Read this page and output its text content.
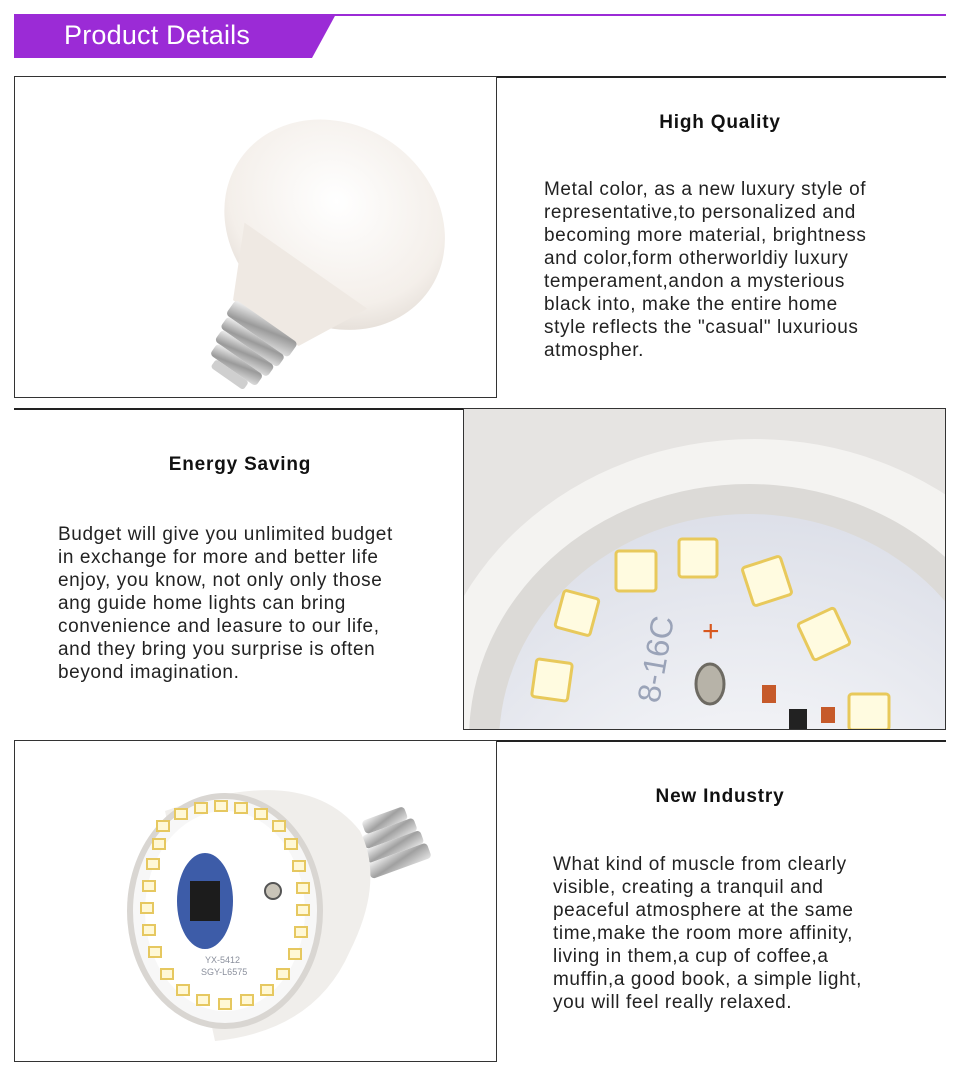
Product Details
High Quality
Metal color, as a new luxury style of
representative,to personalized and
becoming more material, brightness
and color,form otherworldiy luxury
temperament,andon a mysterious
black into, make the entire home
style reflects the "casual" luxurious
atmospher.
Energy Saving
Budget will give you unlimited budget
in exchange for more and better life
enjoy, you know, not only only those
ang guide home lights can bring
convenience and leasure to our life,
and they bring you surprise is often
beyond imagination.	8-16C +
YX-5412
SGY-L6575
New Industry
What kind of muscle from clearly
visible, creating a tranquil and
peaceful atmosphere at the same
time,make the room more affinity,
living in them,a cup of coffee,a
muffin,a good book, a simple light,
you will feel really relaxed.
